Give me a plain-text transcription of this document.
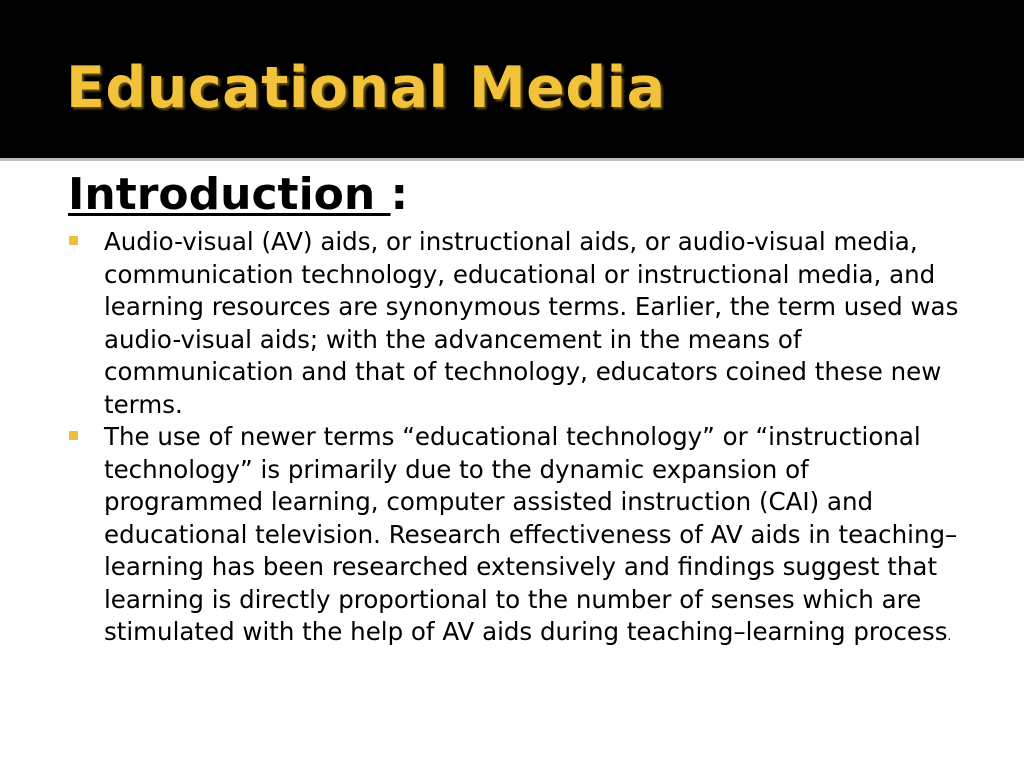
Educational Media
Introduction :
Audio-visual (AV) aids, or instructional aids, or audio-visual media, communication technology, educational or instructional media, and learning resources are synonymous terms. Earlier, the term used was audio-visual aids; with the advancement in the means of communication and that of technology, educators coined these new terms.
The use of newer terms “educational technology” or “instructional technology” is primarily due to the dynamic expansion of programmed learning, computer assisted instruction (CAI) and educational television. Research effectiveness of AV aids in teaching–learning has been researched extensively and findings suggest that learning is directly proportional to the number of senses which are stimulated with the help of AV aids during teaching–learning process.
